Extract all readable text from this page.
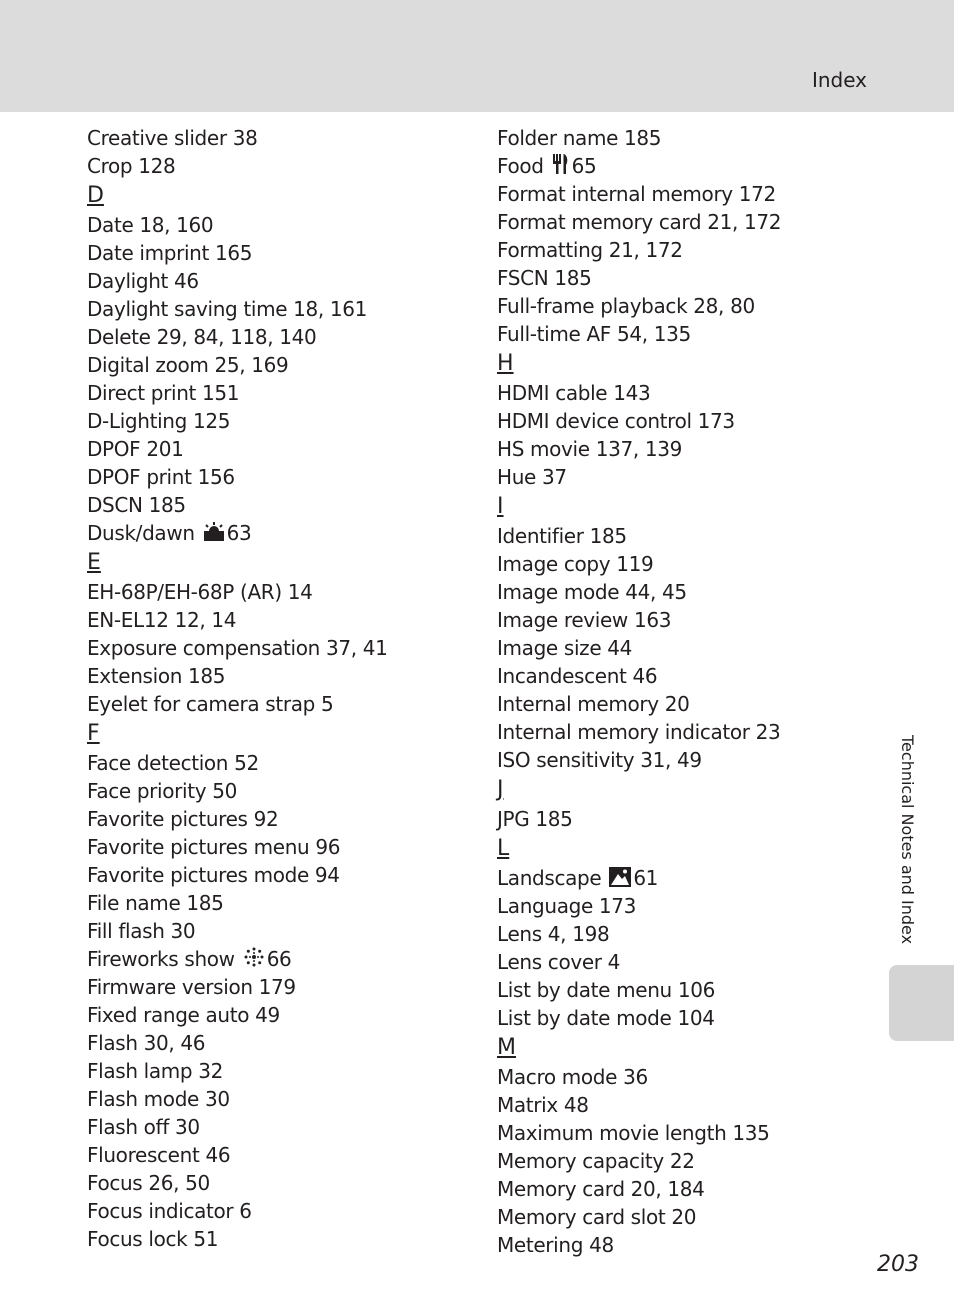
Index
Creative slider 38
Crop 128
D
Date 18, 160
Date imprint 165
Daylight 46
Daylight saving time 18, 161
Delete 29, 84, 118, 140
Digital zoom 25, 169
Direct print 151
D-Lighting 125
DPOF 201
DPOF print 156
DSCN 185
Dusk/dawn 63
E
EH-68P/EH-68P (AR) 14
EN-EL12 12, 14
Exposure compensation 37, 41
Extension 185
Eyelet for camera strap 5
F
Face detection 52
Face priority 50
Favorite pictures 92
Favorite pictures menu 96
Favorite pictures mode 94
File name 185
Fill flash 30
Fireworks show 66
Firmware version 179
Fixed range auto 49
Flash 30, 46
Flash lamp 32
Flash mode 30
Flash off 30
Fluorescent 46
Focus 26, 50
Focus indicator 6
Focus lock 51
Folder name 185
Food 65
Format internal memory 172
Format memory card 21, 172
Formatting 21, 172
FSCN 185
Full-frame playback 28, 80
Full-time AF 54, 135
H
HDMI cable 143
HDMI device control 173
HS movie 137, 139
Hue 37
I
Identifier 185
Image copy 119
Image mode 44, 45
Image review 163
Image size 44
Incandescent 46
Internal memory 20
Internal memory indicator 23
ISO sensitivity 31, 49
J
JPG 185
L
Landscape 61
Language 173
Lens 4, 198
Lens cover 4
List by date menu 106
List by date mode 104
M
Macro mode 36
Matrix 48
Maximum movie length 135
Memory capacity 22
Memory card 20, 184
Memory card slot 20
Metering 48
Technical Notes and Index
203
